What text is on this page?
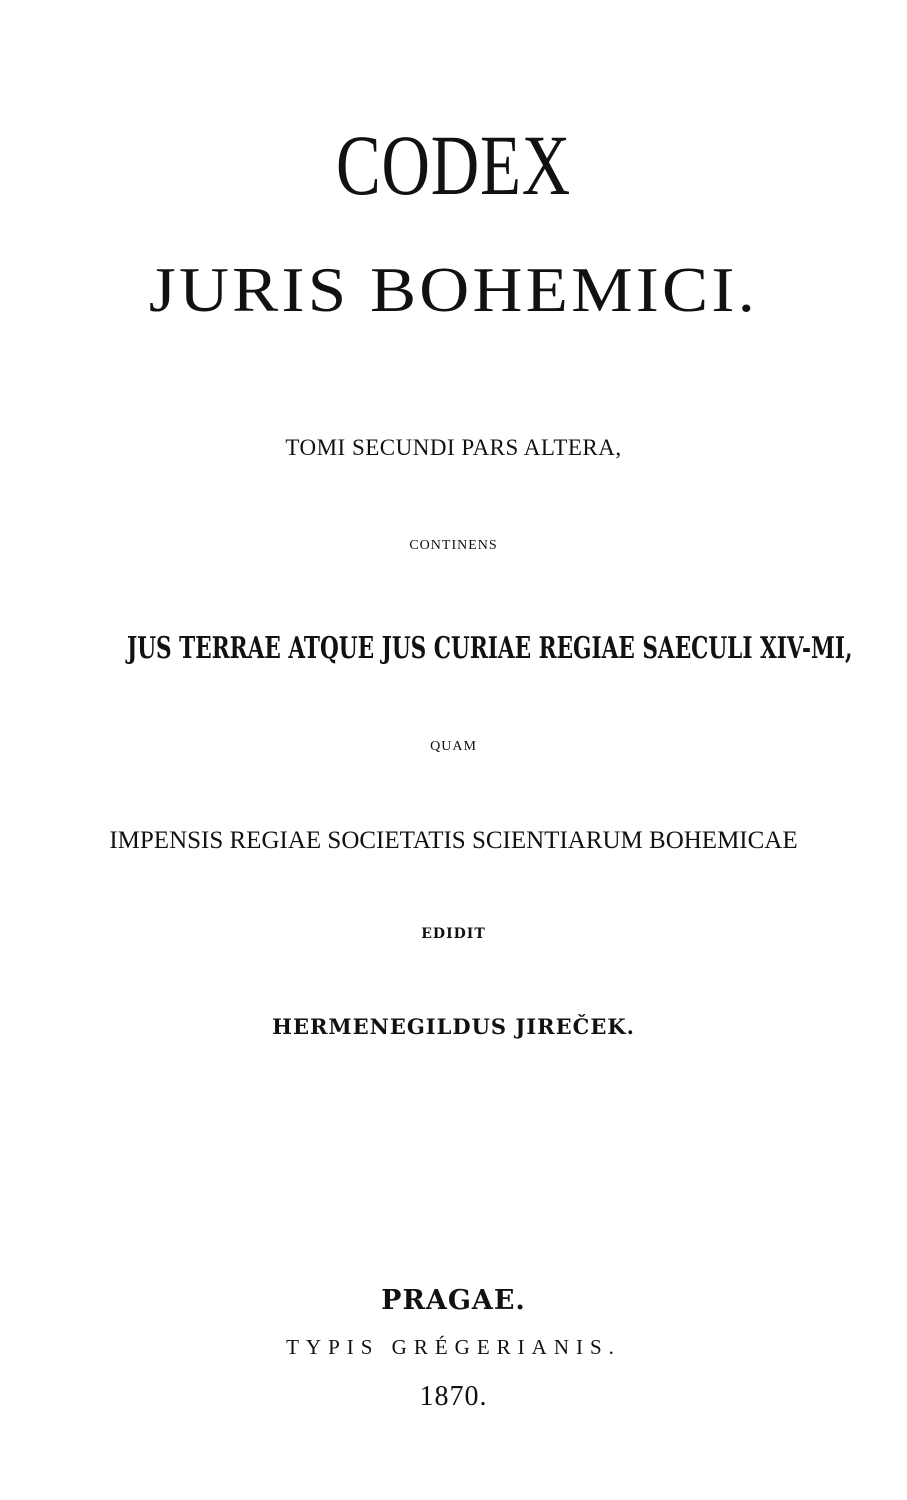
CODEX
JURIS BOHEMICI.
TOMI SECUNDI PARS ALTERA,
CONTINENS
JUS TERRAE ATQUE JUS CURIAE REGIAE SAECULI XIV-MI,
QUAM
IMPENSIS REGIAE SOCIETATIS SCIENTIARUM BOHEMICAE
EDIDIT
HERMENEGILDUS JIREČEK.
PRAGAE.
TYPIS GRÉGERIANIS.
1870.
